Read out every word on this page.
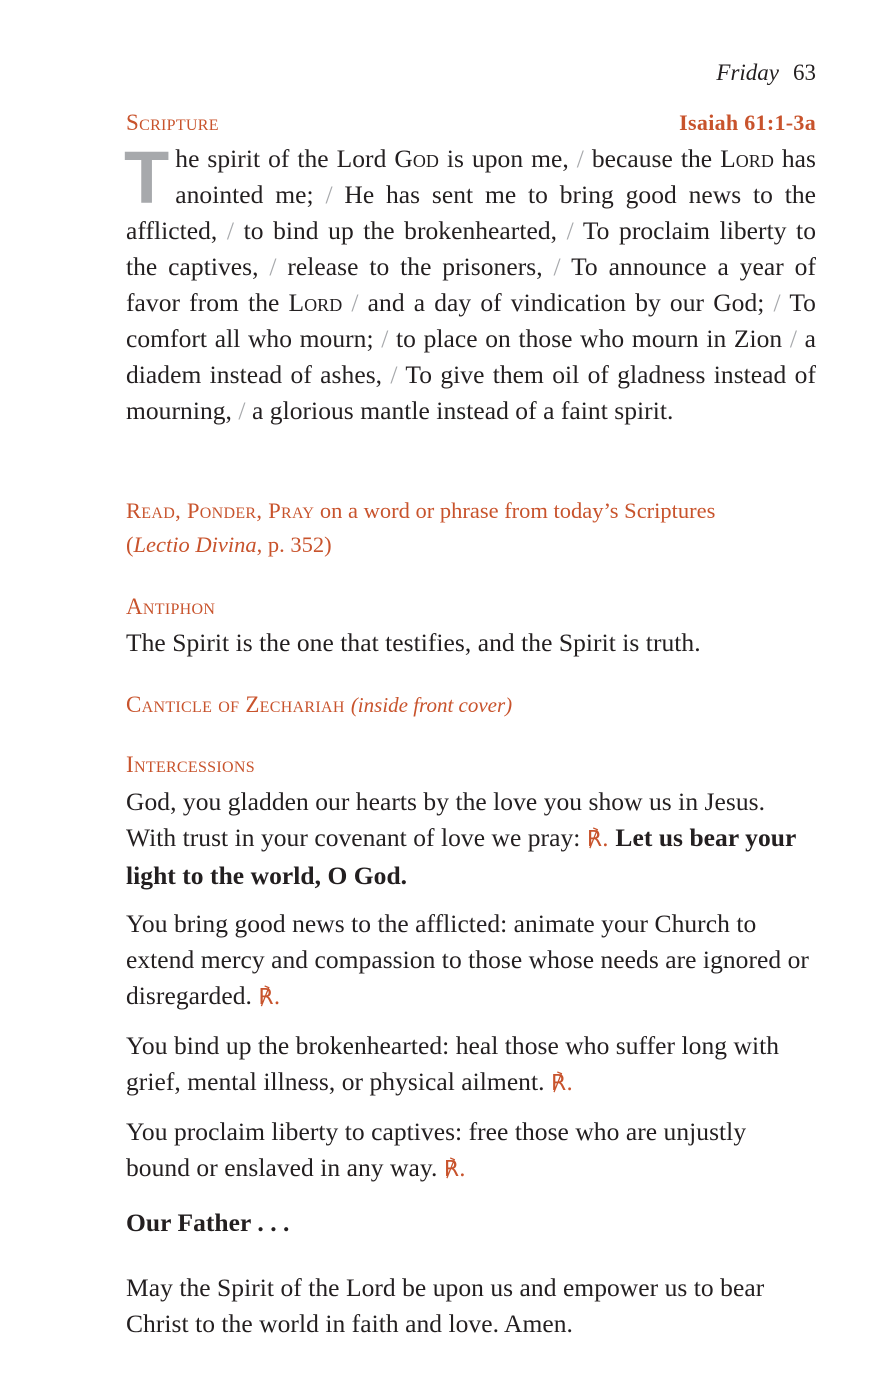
Friday 63
Scripture	Isaiah 61:1-3a
The spirit of the Lord God is upon me, / because the Lord has anointed me; / He has sent me to bring good news to the afflicted, / to bind up the brokenhearted, / To proclaim liberty to the captives, / release to the prisoners, / To announce a year of favor from the Lord / and a day of vindication by our God; / To comfort all who mourn; / to place on those who mourn in Zion / a diadem instead of ashes, / To give them oil of gladness instead of mourning, / a glorious mantle instead of a faint spirit.
Read, Ponder, Pray on a word or phrase from today’s Scriptures
(Lectio Divina, p. 352)
Antiphon
The Spirit is the one that testifies, and the Spirit is truth.
Canticle of Zechariah (inside front cover)
Intercessions

God, you gladden our hearts by the love you show us in Jesus. With trust in your covenant of love we pray: ℟. Let us bear your light to the world, O God.

You bring good news to the afflicted: animate your Church to extend mercy and compassion to those whose needs are ignored or disregarded. ℟.

You bind up the brokenhearted: heal those who suffer long with grief, mental illness, or physical ailment. ℟.

You proclaim liberty to captives: free those who are unjustly bound or enslaved in any way. ℟.

Our Father . . .
May the Spirit of the Lord be upon us and empower us to bear Christ to the world in faith and love. Amen.
